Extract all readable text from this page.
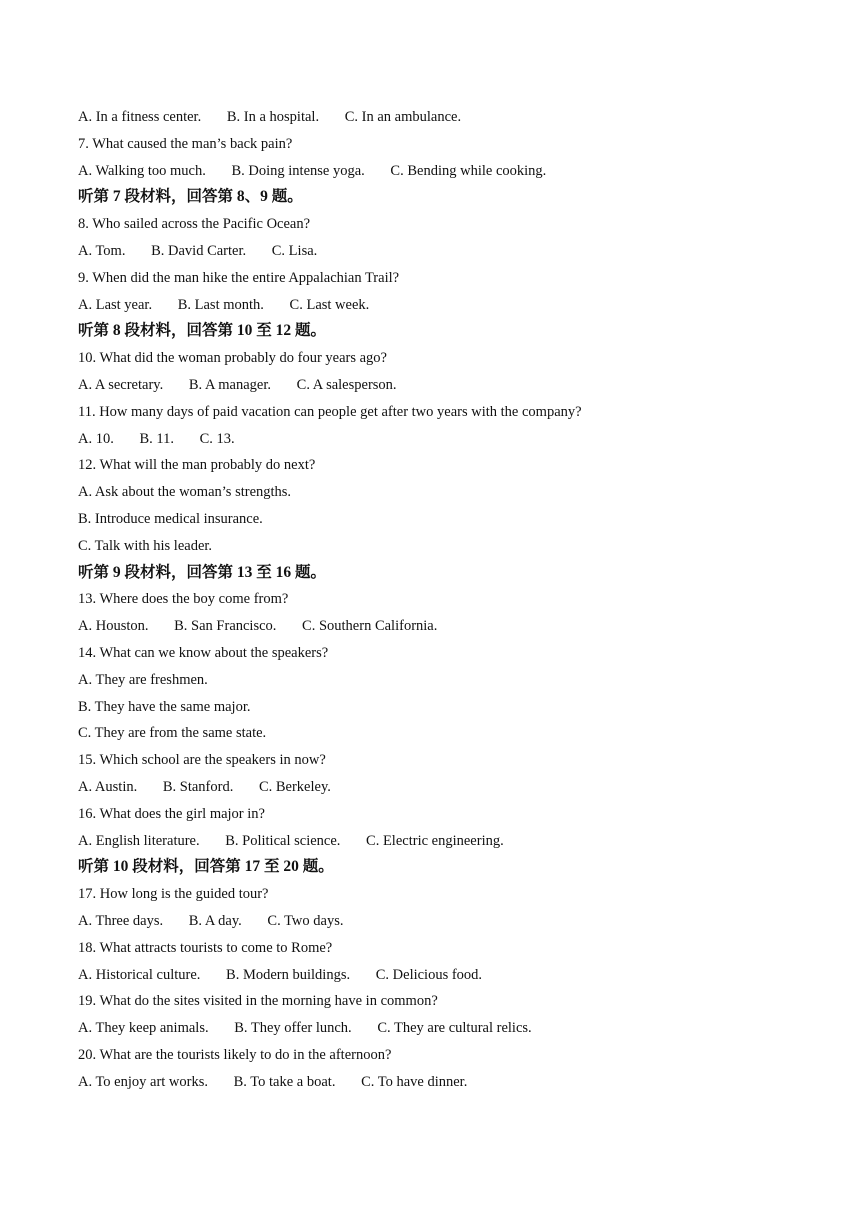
A. In a fitness center. B. In a hospital. C. In an ambulance.
7. What caused the man’s back pain?
A. Walking too much. B. Doing intense yoga. C. Bending while cooking.
听第 7 段材料，回答第 8、9 题。
8. Who sailed across the Pacific Ocean?
A. Tom. B. David Carter. C. Lisa.
9. When did the man hike the entire Appalachian Trail?
A. Last year. B. Last month. C. Last week.
听第 8 段材料，回答第 10 至 12 题。
10. What did the woman probably do four years ago?
A. A secretary. B. A manager. C. A salesperson.
11. How many days of paid vacation can people get after two years with the company?
A. 10. B. 11. C. 13.
12. What will the man probably do next?
A. Ask about the woman’s strengths.
B. Introduce medical insurance.
C. Talk with his leader.
听第 9 段材料，回答第 13 至 16 题。
13. Where does the boy come from?
A. Houston. B. San Francisco. C. Southern California.
14. What can we know about the speakers?
A. They are freshmen.
B. They have the same major.
C. They are from the same state.
15. Which school are the speakers in now?
A. Austin. B. Stanford. C. Berkeley.
16. What does the girl major in?
A. English literature. B. Political science. C. Electric engineering.
听第 10 段材料，回答第 17 至 20 题。
17. How long is the guided tour?
A. Three days. B. A day. C. Two days.
18. What attracts tourists to come to Rome?
A. Historical culture. B. Modern buildings. C. Delicious food.
19. What do the sites visited in the morning have in common?
A. They keep animals. B. They offer lunch. C. They are cultural relics.
20. What are the tourists likely to do in the afternoon?
A. To enjoy art works. B. To take a boat. C. To have dinner.
